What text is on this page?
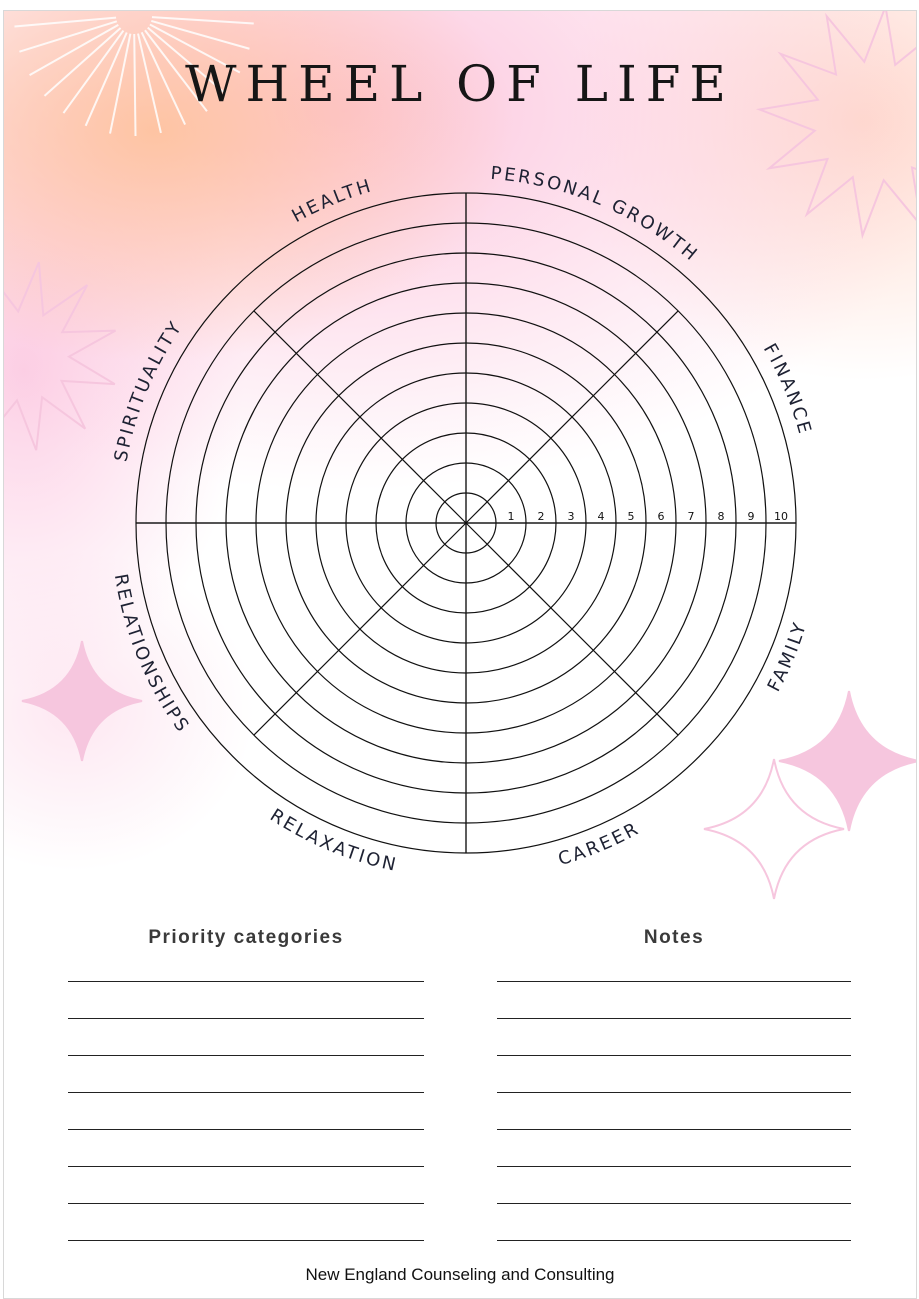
WHEEL OF LIFE
1 2 3 4 5 6 7 8 9 10
HEALTH
PERSONAL GROWTH
FINANCE
FAMILY
CAREER
RELAXATION
RELATIONSHIPS
SPIRITUALITY
Priority categories	Notes
New England Counseling and Consulting
